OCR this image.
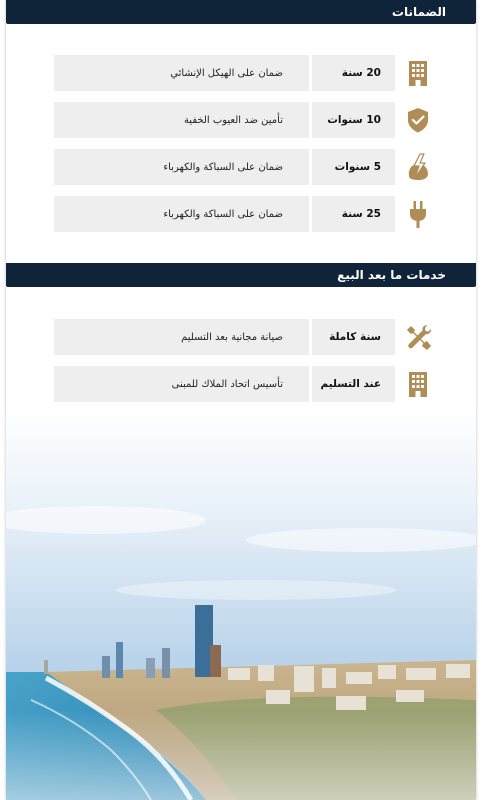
الضمانات
20 سنة
ضمان على الهيكل الإنشائي
10 سنوات
تأمين ضد العيوب الخفية
5 سنوات
ضمان على السباكة والكهرباء
25 سنة
ضمان على السباكة والكهرباء
خدمات ما بعد البيع
سنة كاملة
صيانة مجانية بعد التسليم
عند التسليم
تأسيس اتحاد الملاك للمبنى
